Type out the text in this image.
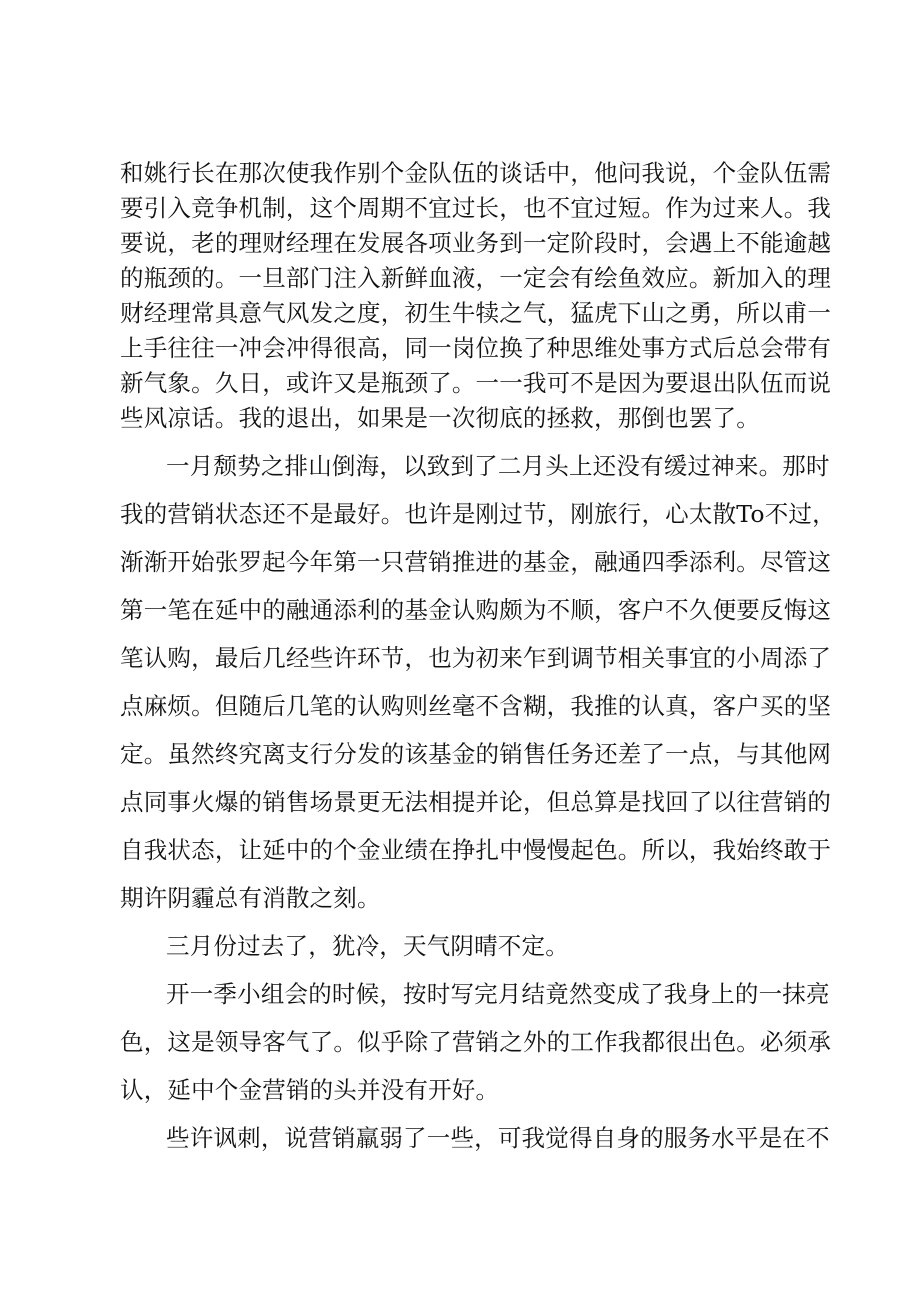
和 姚 行 长 在 那 次 使 我 作 别 个 金 队 伍 的 谈 话 中 ， 他 问 我 说 ， 个 金 队 伍 需
要 引 入 竞 争 机 制 ， 这 个 周 期 不 宜 过 长 ， 也 不 宜 过 短 。 作 为 过 来 人 。 我
要 说 ， 老 的 理 财 经 理 在 发 展 各 项 业 务 到 一 定 阶 段 时 ， 会 遇 上 不 能 逾 越
的 瓶 颈 的 。 一 旦 部 门 注 入 新 鲜 血 液 ， 一 定 会 有 绘 鱼 效 应 。 新 加 入 的 理
财 经 理 常 具 意 气 风 发 之 度 ， 初 生 牛 犊 之 气 ， 猛 虎 下 山 之 勇 ， 所 以 甫 一
上 手 往 往 一 冲 会 冲 得 很 高 ， 同 一 岗 位 换 了 种 思 维 处 事 方 式 后 总 会 带 有
新 气 象 。 久 日 ， 或 许 又 是 瓶 颈 了 。 一 一 我 可 不 是 因 为 要 退 出 队 伍 而 说
些风凉话。我的退出，如果是一次彻底的拯救，那倒也罢了。
一 月 颓 势 之 排 山 倒 海 ， 以 致 到 了 二 月 头 上 还 没 有 缓 过 神 来 。 那 时
我 的 营 销 状 态 还 不 是 最 好 。 也 许 是 刚 过 节 ， 刚 旅 行 ， 心 太 散 To 不 过 ，
渐 渐 开 始 张 罗 起 今 年 第 一 只 营 销 推 进 的 基 金 ， 融 通 四 季 添 利 。 尽 管 这
第 一 笔 在 延 中 的 融 通 添 利 的 基 金 认 购 颇 为 不 顺 ， 客 户 不 久 便 要 反 悔 这
笔 认 购 ， 最 后 几 经 些 许 环 节 ， 也 为 初 来 乍 到 调 节 相 关 事 宜 的 小 周 添 了
点 麻 烦 。 但 随 后 几 笔 的 认 购 则 丝 毫 不 含 糊 ， 我 推 的 认 真 ， 客 户 买 的 坚
定 。 虽 然 终 究 离 支 行 分 发 的 该 基 金 的 销 售 任 务 还 差 了 一 点 ， 与 其 他 网
点 同 事 火 爆 的 销 售 场 景 更 无 法 相 提 并 论 ， 但 总 算 是 找 回 了 以 往 营 销 的
自 我 状 态 ， 让 延 中 的 个 金 业 绩 在 挣 扎 中 慢 慢 起 色 。 所 以 ， 我 始 终 敢 于
期许阴霾总有消散之刻。
三月份过去了，犹冷，天气阴晴不定。
开 一 季 小 组 会 的 时 候 ， 按 时 写 完 月 结 竟 然 变 成 了 我 身 上 的 一 抹 亮
色 ， 这 是 领 导 客 气 了 。 似 乎 除 了 营 销 之 外 的 工 作 我 都 很 出 色 。 必 须 承
认，延中个金营销的头并没有开好。
些 许 讽 刺 ， 说 营 销 羸 弱 了 一 些 ， 可 我 觉 得 自 身 的 服 务 水 平 是 在 不
